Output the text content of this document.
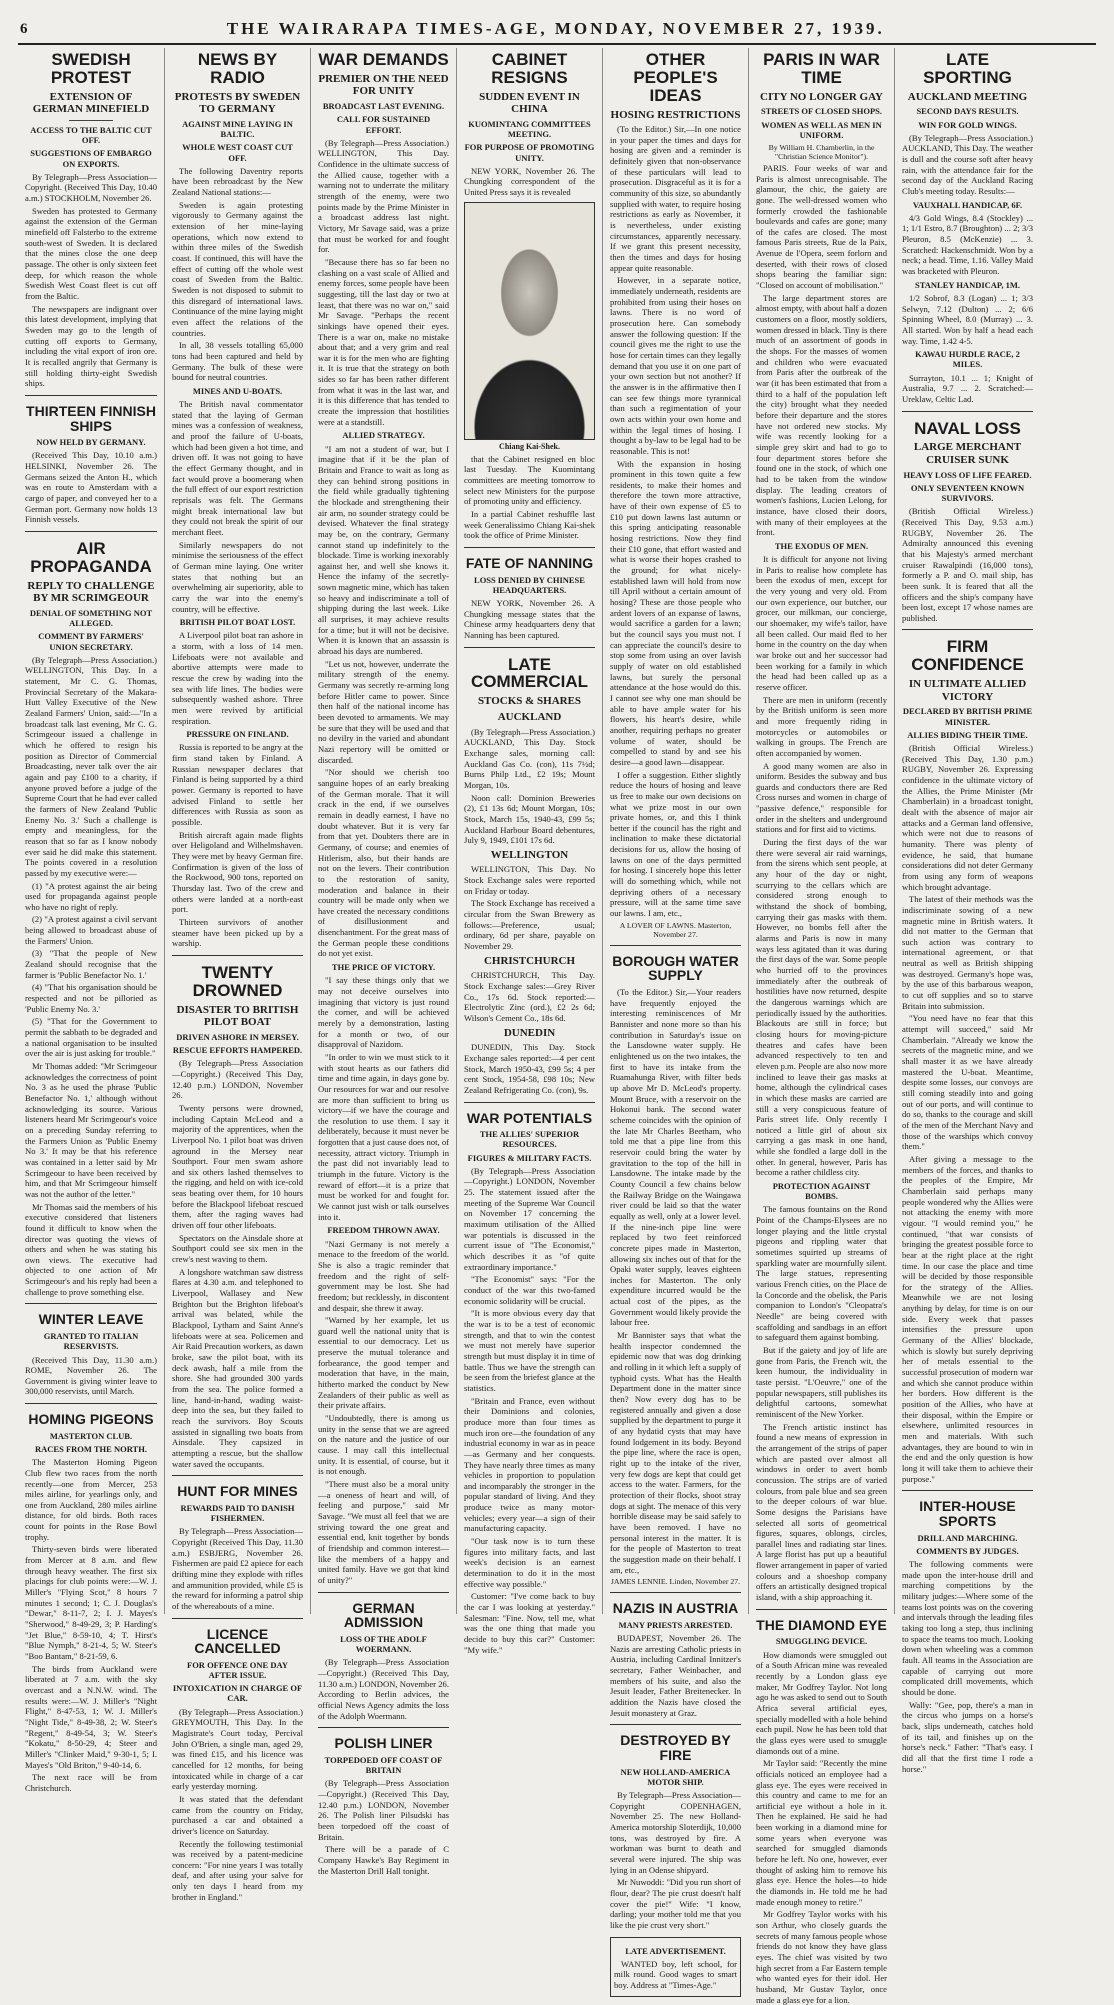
6	THE WAIRARAPA TIMES-AGE, MONDAY, NOVEMBER 27, 1939.
SWEDISH PROTEST
EXTENSION OF GERMAN MINEFIELD
ACCESS TO THE BALTIC CUT OFF.
SUGGESTIONS OF EMBARGO ON EXPORTS.

By Telegraph—Press Association—Copyright. (Received This Day, 10.40 a.m.) STOCKHOLM, November 26.

Sweden has protested to Germany against the extension of the German minefield off Falsterbo to the extreme south-west of Sweden. It is declared that the mines close the one deep passage. The other is only sixteen feet deep, for which reason the whole Swedish West Coast fleet is cut off from the Baltic.

The newspapers are indignant over this latest development, implying that Sweden may go to the length of cutting off exports to Germany, including the vital export of iron ore. It is recalled angrily that Germany is still holding thirty-eight Swedish ships.

THIRTEEN FINNISH SHIPS
NOW HELD BY GERMANY.

(Received This Day, 10.10 a.m.) HELSINKI, November 26. The Germans seized the Anton H., which was en route to Amsterdam with a cargo of paper, and conveyed her to a German port. Germany now holds 13 Finnish vessels.

AIR PROPAGANDA
REPLY TO CHALLENGE BY MR SCRIMGEOUR
DENIAL OF SOMETHING NOT ALLEGED.
COMMENT BY FARMERS' UNION SECRETARY.

(By Telegraph—Press Association.) WELLINGTON, This Day. In a statement, Mr C. G. Thomas, Provincial Secretary of the Makara-Hutt Valley Executive of the New Zealand Farmers' Union, said:—"In a broadcast talk last evening, Mr C. G. Scrimgeour issued a challenge in which he offered to resign his position as Director of Commercial Broadcasting, never talk over the air again and pay £100 to a charity, if anyone proved before a judge of the Supreme Court that he had ever called the farmers of New Zealand 'Public Enemy No. 3.' Such a challenge is empty and meaningless, for the reason that so far as I know nobody ever said he did make this statement. The points covered in a resolution passed by my executive were:—

(1) "A protest against the air being used for propaganda against people who have no right of reply.

(2) "A protest against a civil servant being allowed to broadcast abuse of the Farmers' Union.

(3) "That the people of New Zealand should recognise that the farmer is 'Public Benefactor No. 1.'

(4) "That his organisation should be respected and not be pilloried as 'Public Enemy No. 3.'

(5) "That for the Government to permit the sabbath to be degraded and a national organisation to be insulted over the air is just asking for trouble."

Mr Thomas added: "Mr Scrimgeour acknowledges the correctness of point No. 3 as he used the phrase 'Public Benefactor No. 1,' although without acknowledging its source. Various listeners heard Mr Scrimgeour's voice on a preceding Sunday referring to the Farmers Union as 'Public Enemy No 3.' It may be that his reference was contained in a letter said by Mr Scrimgeour to have been received by him, and that Mr Scrimgeour himself was not the author of the letter."

Mr Thomas said the members of his executive considered that listeners found it difficult to know when the director was quoting the views of others and when he was stating his own views. The executive had objected to one action of Mr Scrimgeour's and his reply had been a challenge to prove something else.

WINTER LEAVE
GRANTED TO ITALIAN RESERVISTS.

(Received This Day, 11.30 a.m.) ROME, November 26. The Government is giving winter leave to 300,000 reservists, until March.

HOMING PIGEONS
MASTERTON CLUB.
RACES FROM THE NORTH.

The Masterton Homing Pigeon Club flew two races from the north recently—one from Mercer, 253 miles airline, for yearlings only, and one from Auckland, 280 miles airline distance, for old birds. Both races count for points in the Rose Bowl trophy.

Thirty-seven birds were liberated from Mercer at 8 a.m. and flew through heavy weather. The first six placings for club points were:—W. J. Miller's "Flying Scot," 8 hours 7 minutes 1 second; 1; C. J. Douglas's "Dewar," 8-11-7, 2; I. J. Mayes's "Sherwood," 8-49-29, 3; P. Harding's "Jet Blue," 8-59-10, 4; T. Hirst's "Blue Nymph," 8-21-4, 5; W. Steer's "Boo Bantam," 8-21-59, 6.

The birds from Auckland were liberated at 7 a.m. with the sky overcast and a N.N.W. wind. The results were:—W. J. Miller's "Night Flight," 8-47-53, 1; W. J. Miller's "Night Tide," 8-49-38, 2; W. Steer's "Regent," 8-49-54, 3; W. Steer's "Kokatu," 8-50-29, 4; Steer and Miller's "Clinker Maid," 9-30-1, 5; I. Mayes's "Old Briton," 9-40-14, 6.

The next race will be from Christchurch.

NEWS BY RADIO
PROTESTS BY SWEDEN TO GERMANY
AGAINST MINE LAYING IN BALTIC.
WHOLE WEST COAST CUT OFF.

The following Daventry reports have been rebroadcast by the New Zealand National stations:—

Sweden is again protesting vigorously to Germany against the extension of her mine-laying operations, which now extend to within three miles of the Swedish coast. If continued, this will have the effect of cutting off the whole west coast of Sweden from the Baltic. Sweden is not disposed to submit to this disregard of international laws. Continuance of the mine laying might even affect the relations of the countries.

In all, 38 vessels totalling 65,000 tons had been captured and held by Germany. The bulk of these were bound for neutral countries.

MINES AND U-BOATS.

The British naval commentator stated that the laying of German mines was a confession of weakness, and proof the failure of U-boats, which had been given a hot time, and driven off. It was not going to have the effect Germany thought, and in fact would prove a boomerang when the full effect of our export restriction reprisals was felt. The Germans might break international law but they could not break the spirit of our merchant fleet.

Similarly newspapers do not minimise the seriousness of the effect of German mine laying. One writer states that nothing but an overwhelming air superiority, able to carry the war into the enemy's country, will be effective.

BRITISH PILOT BOAT LOST.

A Liverpool pilot boat ran ashore in a storm, with a loss of 14 men. Lifeboats were not available and abortive attempts were made to rescue the crew by wading into the sea with life lines. The bodies were subsequently washed ashore. Three men were revived by artificial respiration.

PRESSURE ON FINLAND.

Russia is reported to be angry at the firm stand taken by Finland. A Russian newspaper declares that Finland is being supported by a third power. Germany is reported to have advised Finland to settle her differences with Russia as soon as possible.

British aircraft again made flights over Heligoland and Wilhelmshaven. They were met by heavy German fire. Confirmation is given of the loss of the Rockwood, 900 tons, reported on Thursday last. Two of the crew and others were landed at a north-east port.

Thirteen survivors of another steamer have been picked up by a warship.

TWENTY DROWNED
DISASTER TO BRITISH PILOT BOAT
DRIVEN ASHORE IN MERSEY.
RESCUE EFFORTS HAMPERED.

(By Telegraph—Press Association—Copyright.) (Received This Day, 12.40 p.m.) LONDON, November 26.

Twenty persons were drowned, including Captain McLeod and a majority of the apprentices, when the Liverpool No. 1 pilot boat was driven aground in the Mersey near Southport. Four men swam ashore and six others lashed themselves to the rigging, and held on with ice-cold seas beating over them, for 10 hours before the Blackpool lifeboat rescued them, after the raging waves had driven off four other lifeboats.

Spectators on the Ainsdale shore at Southport could see six men in the crew's nest waving to them.

A longshore watchman saw distress flares at 4.30 a.m. and telephoned to Liverpool, Wallasey and New Brighton but the Brighton lifeboat's arrival was belated, while the Blackpool, Lytham and Saint Anne's lifeboats were at sea. Policemen and Air Raid Precaution workers, as dawn broke, saw the pilot boat, with its deck awash, half a mile from the shore. She had grounded 300 yards from the sea. The police formed a line, hand-in-hand, wading waist-deep into the sea, but they failed to reach the survivors. Boy Scouts assisted in signalling two boats from Ainsdale. They capsized in attempting a rescue, but the shallow water saved the occupants.

HUNT FOR MINES
REWARDS PAID TO DANISH FISHERMEN.

By Telegraph—Press Association—Copyright (Received This Day, 11.30 a.m.) ESBJERG, November 26. Fishermen are paid £2 apiece for each drifting mine they explode with rifles and ammunition provided, while £5 is the reward for informing a patrol ship of the whereabouts of a mine.

LICENCE CANCELLED
FOR OFFENCE ONE DAY AFTER ISSUE.
INTOXICATION IN CHARGE OF CAR.

(By Telegraph—Press Association.) GREYMOUTH, This Day. In the Magistrate's Court today, Percival John O'Brien, a single man, aged 29, was fined £15, and his licence was cancelled for 12 months, for being intoxicated while in charge of a car early yesterday morning.

It was stated that the defendant came from the country on Friday, purchased a car and obtained a driver's licence on Saturday.

Recently the following testimonial was received by a patent-medicine concern: "For nine years I was totally deaf, and after using your salve for only ten days I heard from my brother in England."

WAR DEMANDS
PREMIER ON THE NEED FOR UNITY
BROADCAST LAST EVENING.
CALL FOR SUSTAINED EFFORT.

(By Telegraph—Press Association.) WELLINGTON, This Day. Confidence in the ultimate success of the Allied cause, together with a warning not to underrate the military strength of the enemy, were two points made by the Prime Minister in a broadcast address last night. Victory, Mr Savage said, was a prize that must be worked for and fought for.

"Because there has so far been no clashing on a vast scale of Allied and enemy forces, some people have been suggesting, till the last day or two at least, that there was no war on," said Mr Savage. "Perhaps the recent sinkings have opened their eyes. There is a war on, make no mistake about that; and a very grim and real war it is for the men who are fighting it. It is true that the strategy on both sides so far has been rather different from what it was in the last war, and it is this difference that has tended to create the impression that hostilities were at a standstill.

ALLIED STRATEGY.

"I am not a student of war, but I imagine that if it be the plan of Britain and France to wait as long as they can behind strong positions in the field while gradually tightening the blockade and strengthening their air arm, no sounder strategy could be devised. Whatever the final strategy may be, on the contrary, Germany cannot stand up indefinitely to the blockade. Time is working inexorably against her, and well she knows it. Hence the infamy of the secretly-sown magnetic mine, which has taken so heavy and indiscriminate a toll of shipping during the last week. Like all surprises, it may achieve results for a time; but it will not be decisive. When it is known that an assassin is abroad his days are numbered.

"Let us not, however, underrate the military strength of the enemy. Germany was secretly re-arming long before Hitler came to power. Since then half of the national income has been devoted to armaments. We may be sure that they will be used and that no devilry in the varied and abundant Nazi repertory will be omitted or discarded.

"Nor should we cherish too sanguine hopes of an early breaking of the German morale. That it will crack in the end, if we ourselves remain in deadly earnest, I have no doubt whatever. But it is very far from that yet. Doubters there are in Germany, of course; and enemies of Hitlerism, also, but their hands are not on the levers. Their contribution to the restoration of sanity, moderation and balance in their country will be made only when we have created the necessary conditions of disillusionment and disenchantment. For the great mass of the German people these conditions do not yet exist.

THE PRICE OF VICTORY.

"I say these things only that we may not deceive ourselves into imagining that victory is just round the corner, and will be achieved merely by a demonstration, lasting for a month or two, of our disapproval of Nazidom.

"In order to win we must stick to it with stout hearts as our fathers did time and time again, in days gone by. Our resources for war and our resolve are more than sufficient to bring us victory—if we have the courage and the resolution to use them. I say it deliberately, because it must never be forgotten that a just cause does not, of necessity, attract victory. Triumph in the past did not invariably lead to triumph in the future. Victory is the reward of effort—it is a prize that must be worked for and fought for. We cannot just wish or talk ourselves into it.

FREEDOM THROWN AWAY.

"Nazi Germany is not merely a menace to the freedom of the world. She is also a tragic reminder that freedom and the right of self-government may be lost. She had freedom; but recklessly, in discontent and despair, she threw it away.

"Warned by her example, let us guard well the national unity that is essential to our democracy. Let us preserve the mutual tolerance and forbearance, the good temper and moderation that have, in the main, hitherto marked the conduct by New Zealanders of their public as well as their private affairs.

"Undoubtedly, there is among us unity in the sense that we are agreed on the nature and the justice of our cause. I may call this intellectual unity. It is essential, of course, but it is not enough.

"There must also be a moral unity—a oneness of heart and will, of feeling and purpose," said Mr Savage. "We must all feel that we are striving toward the one great and essential end, knit together by bonds of friendship and common interest—like the members of a happy and united family. Have we got that kind of unity?"

GERMAN ADMISSION
LOSS OF THE ADOLF WOERMANN.

(By Telegraph—Press Association—Copyright.) (Received This Day, 11.30 a.m.) LONDON, November 26. According to Berlin advices, the official News Agency admits the loss of the Adolph Woermann.

POLISH LINER
TORPEDOED OFF COAST OF BRITAIN

(By Telegraph—Press Association—Copyright.) (Received This Day, 12.40 p.m.) LONDON, November 26. The Polish liner Pilsudski has been torpedoed off the coast of Britain.

There will be a parade of C Company Hawke's Bay Regiment in the Masterton Drill Hall tonight.

CABINET RESIGNS
SUDDEN EVENT IN CHINA
KUOMINTANG COMMITTEES MEETING.
FOR PURPOSE OF PROMOTING UNITY.

NEW YORK, November 26. The Chungking correspondent of the United Press says it is revealed

Chiang Kai-Shek.

that the Cabinet resigned en bloc last Tuesday. The Kuomintang committees are meeting tomorrow to select new Ministers for the purpose of promoting unity and efficiency.

In a partial Cabinet reshuffle last week Generalissimo Chiang Kai-shek took the office of Prime Minister.

FATE OF NANNING
LOSS DENIED BY CHINESE HEADQUARTERS.

NEW YORK, November 26. A Chungking message states that the Chinese army headquarters deny that Nanning has been captured.

LATE COMMERCIAL
STOCKS & SHARES
AUCKLAND

(By Telegraph—Press Association.) AUCKLAND, This Day. Stock Exchange sales, morning call: Auckland Gas Co. (con), 11s 7½d; Burns Philp Ltd., £2 19s; Mount Morgan, 10s.

Noon call: Dominion Breweries (2), £1 13s 6d; Mount Morgan, 10s; Stock, March 15s, 1940-43, £99 5s; Auckland Harbour Board debentures, July 9, 1949, £101 17s 6d.

WELLINGTON

WELLINGTON, This Day. No Stock Exchange sales were reported on Friday or today.

The Stock Exchange has received a circular from the Swan Brewery as follows:—Preference, usual; ordinary, 6d per share, payable on November 29.

CHRISTCHURCH

CHRISTCHURCH, This Day. Stock Exchange sales:—Grey River Co., 17s 6d. Stock reported:—Electrolytic Zinc (ord.), £2 2s 6d; Wilson's Cement Co., 18s 6d.

DUNEDIN

DUNEDIN, This Day. Stock Exchange sales reported:—4 per cent Stock, March 1950-43, £99 5s; 4 per cent Stock, 1954-58, £98 10s; New Zealand Refrigerating Co. (con), 9s.

WAR POTENTIALS
THE ALLIES' SUPERIOR RESOURCES.
FIGURES & MILITARY FACTS.

(By Telegraph—Press Association—Copyright.) LONDON, November 25. The statement issued after the meeting of the Supreme War Council on November 17 concerning the maximum utilisation of the Allied war potentials is discussed in the current issue of "The Economist," which describes it as "of quite extraordinary importance."

"The Economist" says: "For the conduct of the war this two-famed economic solidarity will be crucial.

"It is more obvious every day that the war is to be a test of economic strength, and that to win the contest we must not merely have superior strength but must display it in time of battle. Thus we have the strength can be seen from the briefest glance at the statistics.

"Britain and France, even without their Dominions and colonies, produce more than four times as much iron ore—the foundation of any industrial economy in war as in peace—as Germany and her conquests. They have nearly three times as many vehicles in proportion to population and incomparably the stronger in the popular standard of living. And they produce twice as many motor-vehicles; every year—a sign of their manufacturing capacity.

"Our task now is to turn these figures into military facts, and last week's decision is an earnest determination to do it in the most effective way possible."

Customer: "I've come back to buy the car I was looking at yesterday." Salesman: "Fine. Now, tell me, what was the one thing that made you decide to buy this car?" Customer: "My wife."

OTHER PEOPLE'S IDEAS
HOSING RESTRICTIONS

(To the Editor.) Sir,—In one notice in your paper the times and days for hosing are given and a reminder is definitely given that non-observance of these particulars will lead to prosecution. Disgraceful as it is for a community of this size, so abundantly supplied with water, to require hosing restrictions as early as November, it is nevertheless, under existing circumstances, apparently necessary. If we grant this present necessity, then the times and days for hosing appear quite reasonable.

However, in a separate notice, immediately underneath, residents are prohibited from using their hoses on lawns. There is no word of prosecution here. Can somebody answer the following question: If the council gives me the right to use the hose for certain times can they legally demand that you use it on one part of your own section but not another? If the answer is in the affirmative then I can see few things more tyrannical than such a regimentation of your own acts within your own home and within the legal times of hosing. I thought a by-law to be legal had to be reasonable. This is not!

With the expansion in hosing prominent in this town quite a few residents, to make their homes and therefore the town more attractive, have of their own expense of £5 to £10 put down lawns last autumn or this spring anticipating reasonable hosing restrictions. Now they find their £10 gone, that effort wasted and what is worse their hopes crashed to the ground; for what nicely-established lawn will hold from now till April without a certain amount of hosing? These are those people who ardent lovers of an expanse of lawns, would sacrifice a garden for a lawn; but the council says you must not. I can appreciate the council's desire to stop some from using an over lavish supply of water on old established lawns, but surely the personal attendance at the hose would do this. I cannot see why one man should be able to have ample water for his flowers, his heart's desire, while another, requiring perhaps no greater volume of water, should be compelled to stand by and see his desire—a good lawn—disappear.

I offer a suggestion. Either slightly reduce the hours of hosing and leave us free to make our own decisions on what we prize most in our own private homes, or, and this I think better if the council has the right and inclination to make these dictatorial decisions for us, allow the hosing of lawns on one of the days permitted for hosing. I sincerely hope this letter will do something which, while not depriving others of a necessary pressure, will at the same time save our lawns. I am, etc.,

A LOVER OF LAWNS. Masterton, November 27.
BOROUGH WATER SUPPLY

(To the Editor.) Sir,—Your readers have frequently enjoyed the interesting reminiscences of Mr Bannister and none more so than his contribution in Saturday's issue on the Lansdowne water supply. He enlightened us on the two intakes, the first to have its intake from the Ruamahunga River, with filter beds up above Mr D. McLeod's property. Mount Bruce, with a reservoir on the Hokonui bank. The second water scheme coincides with the opinion of the late Mr Charles Beetham, who told me that a pipe line from this reservoir could bring the water by gravitation to the top of the hill in Lansdowne. The intake made by the County Council a few chains below the Railway Bridge on the Waingawa river could be laid so that the water equally as well, only at a lower level. If the nine-inch pipe line were replaced by two feet reinforced concrete pipes made in Masterton, allowing six inches out of that for the Opaki water supply, leaves eighteen inches for Masterton. The only expenditure incurred would be the actual cost of the pipes, as the Government would likely provide the labour free.

Mr Bannister says that what the health inspector condemned the epidemic now that was dog drinking and rolling in it which left a supply of typhoid cysts. What has the Health Department done in the matter since then? Now every dog has to be registered annually and given a dose supplied by the department to purge it of any hydatid cysts that may have found lodgement in its body. Beyond the pipe line, where the race is open, right up to the intake of the river, very few dogs are kept that could get access to the water. Farmers, for the protection of their flocks, shoot stray dogs at sight. The menace of this very horrible disease may be said safely to have been removed. I have no personal interest in the matter. It is for the people of Masterton to treat the suggestion made on their behalf. I am, etc.,

JAMES LENNIE. Linden, November 27.
NAZIS IN AUSTRIA
MANY PRIESTS ARRESTED.

BUDAPEST, November 26. The Nazis are arresting Catholic priests in Austria, including Cardinal Innitzer's secretary, Father Weinbacher, and members of his suite, and also the Jesuit leader, Father Breitenecker. In addition the Nazis have closed the Jesuit monastery at Graz.

DESTROYED BY FIRE
NEW HOLLAND-AMERICA MOTOR SHIP.

By Telegraph—Press Association—Copyright COPENHAGEN, November 25. The new Holland-America motorship Sloterdijk, 10,000 tons, was destroyed by fire. A workman was burnt to death and several were injured. The ship was lying in an Odense shipyard.

Mr Nuwoddi: "Did you run short of flour, dear? The pie crust doesn't half cover the pie!" Wife: "I know, darling; your mother told me that you like the pie crust very short."

LATE ADVERTISEMENT.

WANTED boy, left school, for milk round. Good wages to smart boy. Address at "Times-Age."

PARIS IN WAR TIME
CITY NO LONGER GAY
STREETS OF CLOSED SHOPS.
WOMEN AS WELL AS MEN IN UNIFORM.
By William H. Chamberlin, in the "Christian Science Monitor").

PARIS. Four weeks of war and Paris is almost unrecognisable. The glamour, the chic, the gaiety are gone. The well-dressed women who formerly crowded the fashionable boulevards and cafes are gone; many of the cafes are closed. The most famous Paris streets, Rue de la Paix, Avenue de l'Opera, seem forlorn and deserted, with their rows of closed shops bearing the familiar sign: "Closed on account of mobilisation."

The large department stores are almost empty, with about half a dozen customers on a floor, mostly soldiers, women dressed in black. Tiny is there much of an assortment of goods in the shops. For the masses of women and children who were evacuated from Paris after the outbreak of the war (it has been estimated that from a third to a half of the population left the city) brought what they needed before their departure and the stores have not ordered new stocks. My wife was recently looking for a simple grey skirt and had to go to four department stores before she found one in the stock, of which one had to be taken from the window display. The leading creators of women's fashions, Lucien Lelong, for instance, have closed their doors, with many of their employees at the front.

THE EXODUS OF MEN.

It is difficult for anyone not living in Paris to realise how complete has been the exodus of men, except for the very young and very old. From our own experience, our butcher, our grocer, our milkman, our concierge, our shoemaker, my wife's tailor, have all been called. Our maid fled to her home in the country on the day when war broke out and her successor had been working for a family in which the head had been called up as a reserve officer.

There are men in uniform (recently by the British uniform is seen more and more frequently riding in motorcycles or automobiles or walking in groups. The French are often accompanied by women.

A good many women are also in uniform. Besides the subway and bus guards and conductors there are Red Cross nurses and women in charge of "passive defence," responsible for order in the shelters and underground stations and for first aid to victims.

During the first days of the war there were several air raid warnings, from the sirens which sent people, at any hour of the day or night, scurrying to the cellars which are considered strong enough to withstand the shock of bombing, carrying their gas masks with them. However, no bombs fell after the alarms and Paris is now in many ways less agitated than it was during the first days of the war. Some people who hurried off to the provinces immediately after the outbreak of hostilities have now returned, despite the dangerous warnings which are periodically issued by the authorities. Blackouts are still in force; but closing hours for moving-picture theatres and cafes have been advanced respectively to ten and eleven p.m. People are also now more inclined to leave their gas masks at home, although the cylindrical cases in which these masks are carried are still a very conspicuous feature of Paris street life. Only recently I noticed a little girl of about six carrying a gas mask in one hand, while she fondled a large doll in the other. In general, however, Paris has become a rather childless city.

PROTECTION AGAINST BOMBS.

The famous fountains on the Rond Point of the Champs-Elysees are no longer playing and the little crystal pigeons and rippling water that sometimes squirted up streams of sparkling water are mournfully silent. The large statues, representing various French cities, on the Place de la Concorde and the obelisk, the Paris companion to London's "Cleopatra's Needle" are being covered with scaffolding and sandbags in an effort to safeguard them against bombing.

But if the gaiety and joy of life are gone from Paris, the French wit, the keen humour, the individuality in taste persist. "L'Oeuvre," one of the popular newspapers, still publishes its delightful cartoons, somewhat reminiscent of the New Yorker.

The French artistic instinct has found a new means of expression in the arrangement of the strips of paper which are pasted over almost all windows in order to avert bomb concussion. The strips are of varied colours, from pale blue and sea green to the deeper colours of war blue. Some designs the Parisians have selected all sorts of geometrical figures, squares, oblongs, circles, parallel lines and radiating star lines. A large florist has put up a beautiful flower arrangement in paper of varied colours and a shoeshop company offers an artistically designed tropical island, with a ship approaching it.

THE DIAMOND EYE
SMUGGLING DEVICE.

How diamonds were smuggled out of a South African mine was revealed recently by a London glass eye maker, Mr Godfrey Taylor. Not long ago he was asked to send out to South Africa several artificial eyes, specially modelled with a hole behind each pupil. Now he has been told that the glass eyes were used to smuggle diamonds out of a mine.

Mr Taylor said: "Recently the mine officials noticed an employee had a glass eye. The eyes were received in this country and came to me for an artificial eye without a hole in it. Then he explained. He said he had been working in a diamond mine for some years when everyone was searched for smuggled diamonds before he left. No one, however, ever thought of asking him to remove his glass eye. Hence the holes—to hide the diamonds in. He told me he had made enough money to retire."

Mr Godfrey Taylor works with his son Arthur, who closely guards the secrets of many famous people whose friends do not know they have glass eyes. The chief was visited by two high secret from a Far Eastern temple who wanted eyes for their idol. Her husband, Mr Gustav Taylor, once made a glass eye for a lion.

LATE SPORTING
AUCKLAND MEETING
SECOND DAYS RESULTS.
WIN FOR GOLD WINGS.

(By Telegraph—Press Association.) AUCKLAND, This Day. The weather is dull and the course soft after heavy rain, with the attendance fair for the second day of the Auckland Racing Club's meeting today. Results:—

VAUXHALL HANDICAP, 6F.

4/3 Gold Wings, 8.4 (Stockley) ... 1; 1/1 Estro, 8.7 (Broughton) ... 2; 3/3 Pleuron, 8.5 (McKenzie) ... 3. Scratched: Hackenschmidt. Won by a neck; a head. Time, 1.16. Valley Maid was bracketed with Pleuron.

STANLEY HANDICAP, 1M.

1/2 Sobrof, 8.3 (Logan) ... 1; 3/3 Selwyn, 7.12 (Dulton) ... 2; 6/6 Spinning Wheel, 8.0 (Murray) ... 3. All started. Won by half a head each way. Time, 1.42 4-5.

KAWAU HURDLE RACE, 2 MILES.

Surrayton, 10.1 ... 1; Knight of Australia, 9.7 ... 2. Scratched:—Ureklaw, Celtic Lad.

NAVAL LOSS
LARGE MERCHANT CRUISER SUNK
HEAVY LOSS OF LIFE FEARED.
ONLY SEVENTEEN KNOWN SURVIVORS.

(British Official Wireless.) (Received This Day, 9.53 a.m.) RUGBY, November 26. The Admiralty announced this evening that his Majesty's armed merchant cruiser Rawalpindi (16,000 tons), formerly a P. and O. mail ship, has been sunk. It is feared that all the officers and the ship's company have been lost, except 17 whose names are published.

FIRM CONFIDENCE
IN ULTIMATE ALLIED VICTORY
DECLARED BY BRITISH PRIME MINISTER.
ALLIES BIDING THEIR TIME.

(British Official Wireless.) (Received This Day, 1.30 p.m.) RUGBY, November 26. Expressing confidence in the ultimate victory of the Allies, the Prime Minister (Mr Chamberlain) in a broadcast tonight, dealt with the absence of major air attacks and a German land offensive, which were not due to reasons of humanity. There was plenty of evidence, he said, that humane considerations did not deter Germany from using any form of weapons which brought advantage.

The latest of their methods was the indiscriminate sowing of a new magnetic mine in British waters. It did not matter to the German that such action was contrary to international agreement, or that neutral as well as British shipping was destroyed. Germany's hope was, by the use of this barbarous weapon, to cut off supplies and so to starve Britain into submission.

"You need have no fear that this attempt will succeed," said Mr Chamberlain. "Already we know the secrets of the magnetic mine, and we shall master it as we have already mastered the U-boat. Meantime, despite some losses, our convoys are still coming steadily into and going out of our ports, and will continue to do so, thanks to the courage and skill of the men of the Merchant Navy and those of the warships which convoy them."

After giving a message to the members of the forces, and thanks to the peoples of the Empire, Mr Chamberlain said perhaps many people wondered why the Allies were not attacking the enemy with more vigour. "I would remind you," he continued, "that war consists of bringing the greatest possible force to bear at the right place at the right time. In our case the place and time will be decided by those responsible for the strategy of the Allies. Meanwhile we are not losing anything by delay, for time is on our side. Every week that passes intensifies the pressure upon Germany of the Allies' blockade, which is slowly but surely depriving her of metals essential to the successful prosecution of modern war and which she cannot produce within her borders. How different is the position of the Allies, who have at their disposal, within the Empire or elsewhere, unlimited resources in men and materials. With such advantages, they are bound to win in the end and the only question is how long it will take them to achieve their purpose."

INTER-HOUSE SPORTS
DRILL AND MARCHING.
COMMENTS BY JUDGES.

The following comments were made upon the inter-house drill and marching competitions by the military judges:—Where some of the teams lost points was on the covering and intervals through the leading files taking too long a step, thus inclining to space the teams too much. Looking down when wheeling was a common fault. All teams in the Association are capable of carrying out more complicated drill movements, which should be done.

Wally: "Gee, pop, there's a man in the circus who jumps on a horse's back, slips underneath, catches hold of its tail, and finishes up on the horse's neck." Father: "That's easy. I did all that the first time I rode a horse."
